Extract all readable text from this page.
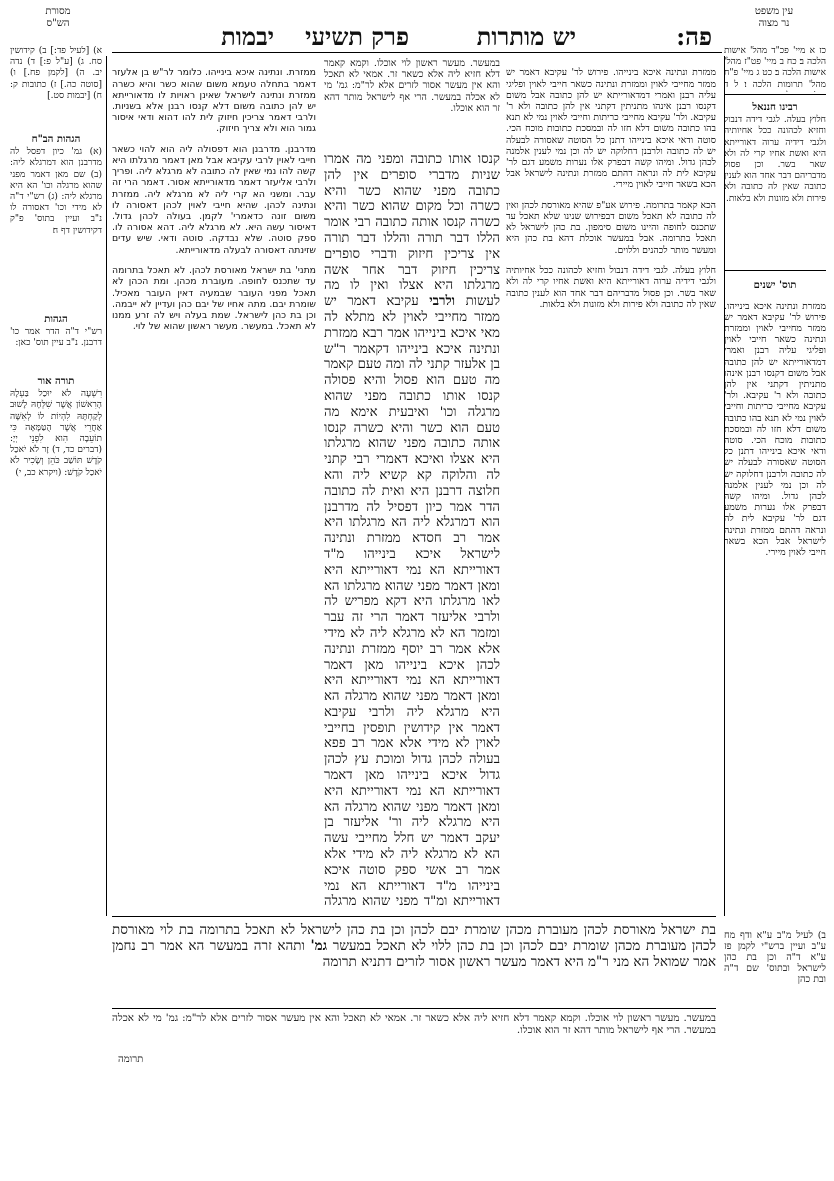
פה:
יש מותרות
פרק תשיעי
יבמות
עין משפט
נר מצוה
מסורת
הש"ס

כז א מיי' פכ"ד מהל' אישות הלכה ב׃ כח ב מיי' פט"ז מהל' אישות הלכה ב׃ כט ג מיי' פ"ח מהל' תרומות הלכה ו׃ ל ד

רבינו חננאל

חלוץ בעלה. לגבי דידה דנבול וחזיא לכהונה ככל אחיותיה ולגבי דידיה ערוה דאורייתא היא ואשת אחיו קרי לה ולא שאר בשר. וכן פסול מדבריהם דבר אחד הוא לענין כתובה שאין לה כתובה ולא פירות ולא מזונות ולא בלאות.

תוס' ישנים

ממזרת ונתינה איכא בינייהו. פירוש לר' עקיבא דאמר יש ממזר מחייבי לאוין וממזרת ונתינה כשאר חייבי לאוין ופליגי עליה רבנן ואמרי דמדאורייתא יש להן כתובה אבל משום דקנסו רבנן אינהו מתניתין דקתני אין להן כתובה ולא ר' עקיבא. ולר' עקיבא מחייבי כריתות וחייבי לאוין נמי לא תנא בהו כתובה משום דלא חזו לה ובמסכת כתובות מוכח הכי. סוטה ודאי איכא בינייהו דתנן כל הסוטה שאסורה לבעלה יש לה כתובה ולרבנן דחלוקה יש לה וכן נמי לענין אלמנה לכהן גדול. ומיהו קשה דבפרק אלו נערות משמע דגם לר' עקיבא לית לה ונראה דהתם ממזרת ונתינה לישראל אבל הכא בשאר חייבי לאוין מיירי.

ממזרת ונתינה איכא בינייהו. פירוש לר' עקיבא דאמר יש ממזר מחייבי לאוין וממזרת ונתינה כשאר חייבי לאוין ופליגי עליה רבנן ואמרי דמדאורייתא יש להן כתובה אבל משום דקנסו רבנן אינהו מתניתין דקתני אין להן כתובה ולא ר' עקיבא. ולר' עקיבא מחייבי כריתות וחייבי לאוין נמי לא תנא בהו כתובה משום דלא חזו לה ובמסכת כתובות מוכח הכי. סוטה ודאי איכא בינייהו דתנן כל הסוטה שאסורה לבעלה יש לה כתובה ולרבנן דחלוקה יש לה וכן נמי לענין אלמנה לכהן גדול. ומיהו קשה דבפרק אלו נערות משמע דגם לר' עקיבא לית לה ונראה דהתם ממזרת ונתינה לישראל אבל הכא בשאר חייבי לאוין מיירי.

הכא קאמר בתרומה. פירוש אע"פ שהיא מאורסת לכהן ואין לה כתובה לא תאכל משום דבפירוש שנינו שלא תאכל עד שתכנס לחופה והיינו משום סימפון. בת כהן לישראל לא תאכל בתרומה. אבל במעשר אוכלת דהא בת כהן היא ומעשר מותר לכהנים וללוים.

חלוץ בעלה. לגבי דידה דנבול וחזיא לכהונה ככל אחיותיה ולגבי דידיה ערוה דאורייתא היא ואשת אחיו קרי לה ולא שאר בשר. וכן פסול מדבריהם דבר אחד הוא לענין כתובה שאין לה כתובה ולא פירות ולא מזונות ולא בלאות.

קנסו אותו כתובה ומפני מה אמרו שניות מדברי סופרים אין להן כתובה מפני שהוא כשר והיא כשרה וכל מקום שהוא כשר והיא כשרה קנסו אותה כתובה רבי אומר הללו דבר תורה והללו דבר תורה אין צריכין חיזוק ודברי סופרים צריכין חיזוק דבר אחר אשה מרגלתו היא אצלו ואין לו מה לעשות ולרבי עקיבא דאמר יש ממזר מחייבי לאוין לא מתלא לה מאי איכא בינייהו אמר רבא ממזרת ונתינה איכא בינייהו דקאמר ר"ש בן אלעזר קתני לה ומה טעם קאמר מה טעם הוא פסול והיא פסולה קנסו אותו כתובה מפני שהוא מרגלה וכו' ואיבעית אימא מה טעם הוא כשר והיא כשרה קנסו אותה כתובה מפני שהוא מרגלתו היא אצלו ואיכא דאמרי רבי קתני לה והלוקה קא קשיא ליה והא חלוצה דרבנן היא ואית לה כתובה הדר אמר כיון דפסיל לה מדרבנן הוא דמרגלא ליה הא מרגלתו היא אמר רב חסדא ממזרת ונתינה לישראל איכא בינייהו מ"ד דאורייתא הא נמי דאורייתא היא ומאן דאמר מפני שהוא מרגלתו הא לאו מרגלתו היא דקא מפריש לה ולרבי אליעזר דאמר הרי זה עבר ומזמר הא לא מרגלא ליה לא מידי אלא אמר רב יוסף ממזרת ונתינה לכהן איכא בינייהו מאן דאמר דאורייתא הא נמי דאורייתא היא ומאן דאמר מפני שהוא מרגלה הא היא מרגלא ליה ולרבי עקיבא דאמר אין קידושין תופסין בחייבי לאוין לא מידי אלא אמר רב פפא בעולה לכהן גדול ומוכת עץ לכהן גדול איכא בינייהו מאן דאמר דאורייתא הא נמי דאורייתא היא ומאן דאמר מפני שהוא מרגלה הא היא מרגלא ליה ור' אליעזר בן יעקב דאמר יש חלל מחייבי עשה הא לא מרגלא ליה לא מידי אלא אמר רב אשי ספק סוטה איכא בינייהו מ"ד דאורייתא הא נמי דאורייתא ומ"ד מפני שהוא מרגלה
במעשר. מעשר ראשון לוי אוכלו. וקמא קאמר דלא חזיא ליה אלא כשאר זר. אמאי לא תאכל והא אין מעשר אסור לזרים אלא לר"מ: גמ' מי לא אכלה במעשר. הרי אף לישראל מותר דהא זר הוא אוכלו.

ממזרת. ונתינה איכא בינייהו. כלומר לר"ש בן אלעזר דאמר בתחלה טעמא משום שהוא כשר והיא כשרה ממזרת ונתינה לישראל שאינן ראויות לו מדאורייתא יש להן כתובה משום דלא קנסו רבנן אלא בשניות. ולרבי דאמר צריכין חיזוק לית להו דהוא ודאי איסור גמור הוא ולא צריך חיזוק.

מדרבנן. מדרבנן הוא דפסולה ליה הוא להוי כשאר חייבי לאוין לרבי עקיבא אבל מאן דאמר מרגלתו היא קשה להו נמי שאין לה כתובה לא מרגלא ליה. ופריך ולרבי אליעזר דאמר מדאורייתא אסור. דאמר הרי זה עבר. ומשני הא קרי ליה לא מרגלא ליה. ממזרת ונתינה לכהן. שהיא חייבי לאוין לכהן דאסורה לו משום זונה כדאמרי' לקמן. בעולה לכהן גדול. דאיסור עשה היא. לא מרגלא ליה. דהא אסורה לו. ספק סוטה. שלא נבדקה. סוטה ודאי. שיש עדים שזינתה דאסורה לבעלה מדאורייתא.

מתני' בת ישראל מאורסת לכהן. לא תאכל בתרומה עד שתכנס לחופה. מעוברת מכהן. ומת הכהן לא תאכל מפני העובר שבמעיה דאין העובר מאכיל. שומרת יבם. מתה אחיו של יבם כהן ועדיין לא ייבמה. וכן בת כהן לישראל. שמת בעלה ויש לה זרע ממנו לא תאכל. במעשר. מעשר ראשון שהוא של לוי.

א) [לעיל פד:] ב) קידושין סח. ג) [ע"ל פ:] ד) נדה יב. ה) [לקמן פח.] ו) [סוטה כה.] ז) כתובות ק: ח) [יבמות סט.]

הגהות הב"ח

(א) גמ' כיון דפסל לה מדרבנן הוא דמרגלא ליה: (ב) שם מאן דאמר מפני שהוא מרגלה וכו' הא היא מרגלא ליה: (ג) רש"י ד"ה לא מידי וכו' דאסורה לו נ"ב ועיין בתוס' פ"ק דקידושין דף ח׃

הגהות

רש"י ד"ה הדר אמר כו' דרבנן. נ"ב עיין תוס' כאן:

תורה אור

רִשְׁעָה לֹא יוּכַל בַּעְלָהּ הָרִאשׁוֹן אֲשֶׁר שִׁלְּחָהּ לָשׁוּב לְקַחְתָּהּ לִהְיוֹת לוֹ לְאִשָּׁה אַחֲרֵי אֲשֶׁר הֻטַּמָּאָה כִּי תוֹעֵבָה הִוא לִפְנֵי יְיָ: (דברים כד, ד) זָר לֹא יֹאכַל קֹדֶשׁ תּוֹשַׁב כֹּהֵן וְשָׂכִיר לֹא יֹאכַל קֹדֶשׁ: (ויקרא כב, י)

בת ישראל מאורסת לכהן מעוברת מכהן שומרת יבם לכהן וכן בת כהן לישראל לא תאכל בתרומה בת לוי מאורסת לכהן מעוברת מכהן שומרת יבם לכהן וכן בת כהן ללוי לא תאכל במעשר גמ' ותהא זרה במעשר הא אמר רב נחמן אמר שמואל הא מני ר"מ היא דאמר מעשר ראשון אסור לזרים דתניא תרומה

ב) לעיל מ"ב ע"א ודף מח ע"ב ועיין ברש"י לקמן פז ע"א ד"ה וכן בת כהן לישראל ובתוס' שם ד"ה ובת כהן

במעשר. מעשר ראשון לוי אוכלו. וקמא קאמר דלא חזיא ליה אלא כשאר זר. אמאי לא תאכל והא אין מעשר אסור לזרים אלא לר"מ: גמ' מי לא אכלה במעשר. הרי אף לישראל מותר דהא זר הוא אוכלו.
תרומה
